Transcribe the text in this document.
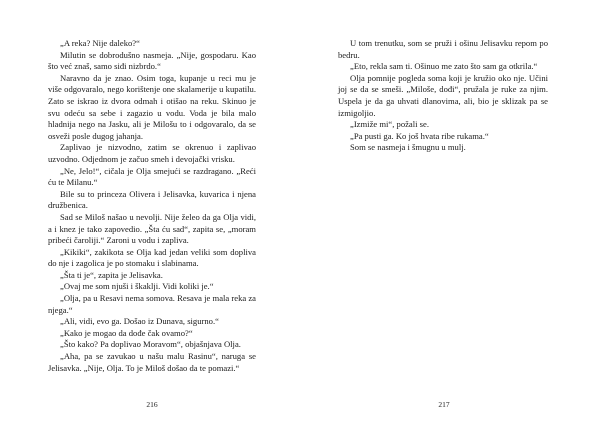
„A reka? Nije daleko?“

Milutin se dobrodušno nasmeja. „Nije, gospodaru. Kao što već znaš, samo siđi nizbrdo.“

Naravno da je znao. Osim toga, kupanje u reci mu je više odgovaralo, nego korištenje one skalamerije u kupatilu. Zato se iskrao iz dvora odmah i otišao na reku. Skinuo je svu odeću sa sebe i zagazio u vodu. Voda je bila malo hladnija nego na Jasku, ali je Milošu to i odgovaralo, da se osveži posle dugog jahanja.

Zaplivao je nizvodno, zatim se okrenuo i zaplivao uzvodno. Odjednom je začuo smeh i devojački vrisku.

„Ne, Jelo!“, cičala je Olja smejući se razdragano. „Reći ću te Milanu.“

Bile su to princeza Olivera i Jelisavka, kuvarica i njena družbenica.

Sad se Miloš našao u nevolji. Nije želeo da ga Olja vidi, a i knez je tako zapovedio. „Šta ću sad“, zapita se, „moram pribeći čaroliji.“ Zaroni u vodu i zapliva.

„Kikiki“, zakikota se Olja kad jedan veliki som dopliva do nje i zagolica je po stomaku i slabinama.

„Šta ti je“, zapita je Jelisavka.

„Ovaj me som njuši i škaklji. Vidi koliki je.“

„Olja, pa u Resavi nema somova. Resava je mala reka za njega.“

„Ali, vidi, evo ga. Došao iz Dunava, sigurno.“

„Kako je mogao da dođe čak ovamo?“

„Što kako? Pa doplivao Moravom“, objašnjava Olja.

„Aha, pa se zavukao u našu malu Rasinu“, naruga se Jelisavka. „Nije, Olja. To je Miloš došao da te pomazi.“

216

U tom trenutku, som se pruži i ošinu Jelisavku repom po bedru.

„Eto, rekla sam ti. Ošinuo me zato što sam ga otkrila.“

Olja pomnije pogleda soma koji je kružio oko nje. Učini joj se da se smeši. „Miloše, dođi“, pružala je ruke za njim. Uspela je da ga uhvati dlanovima, ali, bio je sklizak pa se izmigoljio.

„Izmiže mi“, požali se.

„Pa pusti ga. Ko još hvata ribe rukama.“

Som se nasmeja i šmugnu u mulj.

217
